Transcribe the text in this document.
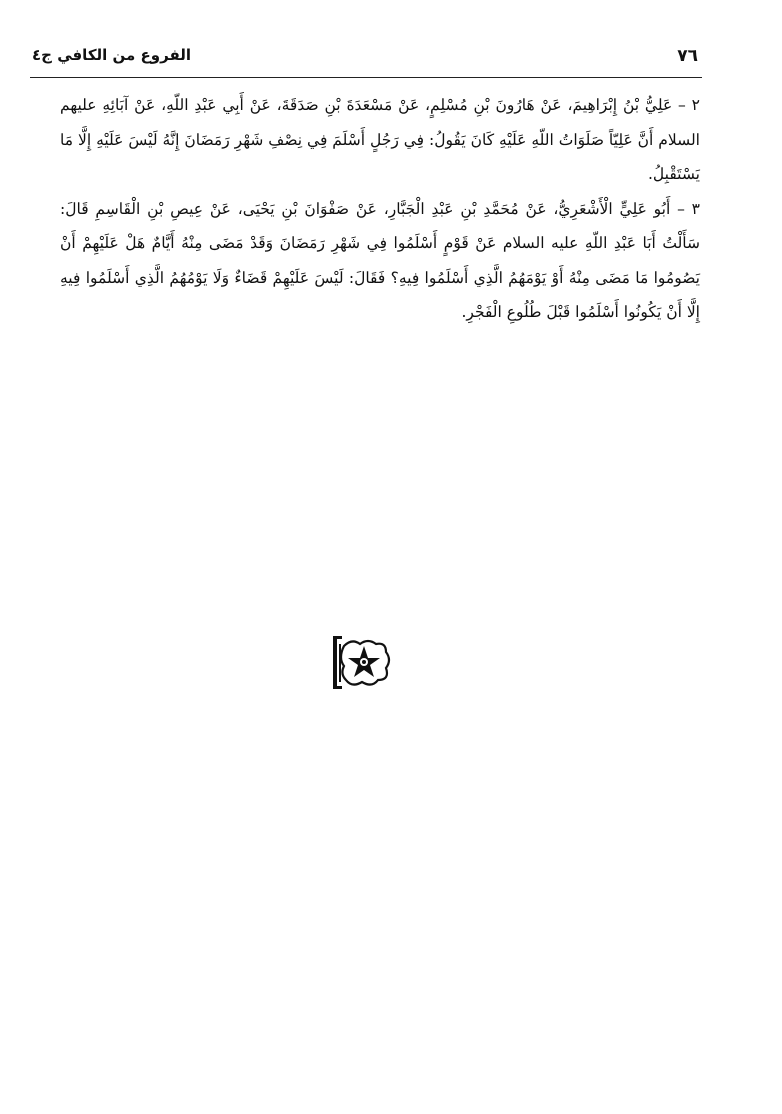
الفروع من الكافي ج٤	٧٦

٢ – عَلِيُّ بْنُ إِبْرَاهِيمَ، عَنْ هَارُونَ بْنِ مُسْلِمٍ، عَنْ مَسْعَدَةَ بْنِ صَدَقَةَ، عَنْ أَبِي عَبْدِ اللّهِ، عَنْ آبَائِهِ عليهم السلام أَنَّ عَلِيّاً صَلَوَاتُ اللّهِ عَلَيْهِ كَانَ يَقُولُ: فِي رَجُلٍ أَسْلَمَ فِي نِصْفِ شَهْرِ رَمَضَانَ إِنَّهُ لَيْسَ عَلَيْهِ إِلَّا مَا يَسْتَقْبِلُ.

٣ – أَبُو عَلِيٍّ الْأَشْعَرِيُّ، عَنْ مُحَمَّدِ بْنِ عَبْدِ الْجَبَّارِ، عَنْ صَفْوَانَ بْنِ يَحْيَى، عَنْ عِيصِ بْنِ الْقَاسِمِ قَالَ: سَأَلْتُ أَبَا عَبْدِ اللّهِ عليه السلام عَنْ قَوْمٍ أَسْلَمُوا فِي شَهْرِ رَمَضَانَ وَقَدْ مَضَى مِنْهُ أَيَّامٌ هَلْ عَلَيْهِمْ أَنْ يَصُومُوا مَا مَضَى مِنْهُ أَوْ يَوْمَهُمُ الَّذِي أَسْلَمُوا فِيهِ؟ فَقَالَ: لَيْسَ عَلَيْهِمْ قَضَاءٌ وَلَا يَوْمُهُمُ الَّذِي أَسْلَمُوا فِيهِ إِلَّا أَنْ يَكُونُوا أَسْلَمُوا قَبْلَ طُلُوعِ الْفَجْرِ.
